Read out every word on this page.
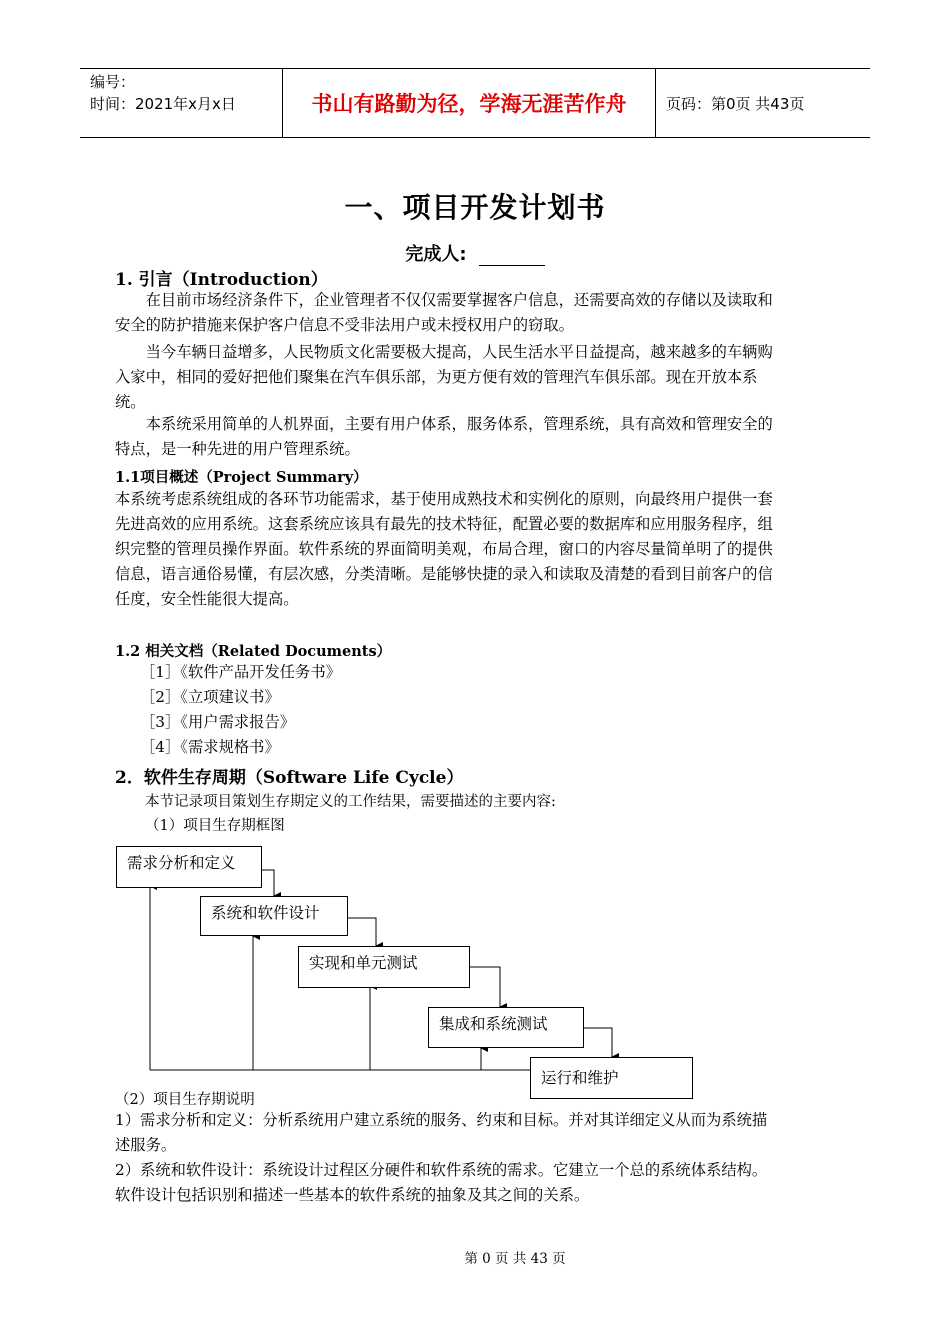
编号：
时间：2021年x月x日	书山有路勤为径，学海无涯苦作舟	页码：第0页 共43页
一、项目开发计划书
完成人:
1. 引言（Introduction）
　　在目前市场经济条件下，企业管理者不仅仅需要掌握客户信息，还需要高效的存储以及读取和
安全的防护措施来保护客户信息不受非法用户或未授权用户的窃取。
　　当今车辆日益增多，人民物质文化需要极大提高，人民生活水平日益提高，越来越多的车辆购
入家中，相同的爱好把他们聚集在汽车俱乐部，为更方便有效的管理汽车俱乐部。现在开放本系
统。
　　本系统采用简单的人机界面，主要有用户体系，服务体系，管理系统，具有高效和管理安全的
特点，是一种先进的用户管理系统。
1.1项目概述（Project Summary）
本系统考虑系统组成的各环节功能需求，基于使用成熟技术和实例化的原则，向最终用户提供一套
先进高效的应用系统。这套系统应该具有最先的技术特征，配置必要的数据库和应用服务程序，组
织完整的管理员操作界面。软件系统的界面简明美观，布局合理，窗口的内容尽量简单明了的提供
信息，语言通俗易懂，有层次感，分类清晰。是能够快捷的录入和读取及清楚的看到目前客户的信
任度，安全性能很大提高。
1.2 相关文档（Related Documents）
［1］《软件产品开发任务书》
［2］《立项建议书》
［3］《用户需求报告》
［4］《需求规格书》
2．软件生存周期（Software Life Cycle）
本节记录项目策划生存期定义的工作结果，需要描述的主要内容:
（1）项目生存期框图
需求分析和定义
系统和软件设计
实现和单元测试
集成和系统测试
运行和维护
（2）项目生存期说明
1）需求分析和定义：分析系统用户建立系统的服务、约束和目标。并对其详细定义从而为系统描
述服务。
2）系统和软件设计：系统设计过程区分硬件和软件系统的需求。它建立一个总的系统体系结构。
软件设计包括识别和描述一些基本的软件系统的抽象及其之间的关系。
第 0 页 共 43 页
